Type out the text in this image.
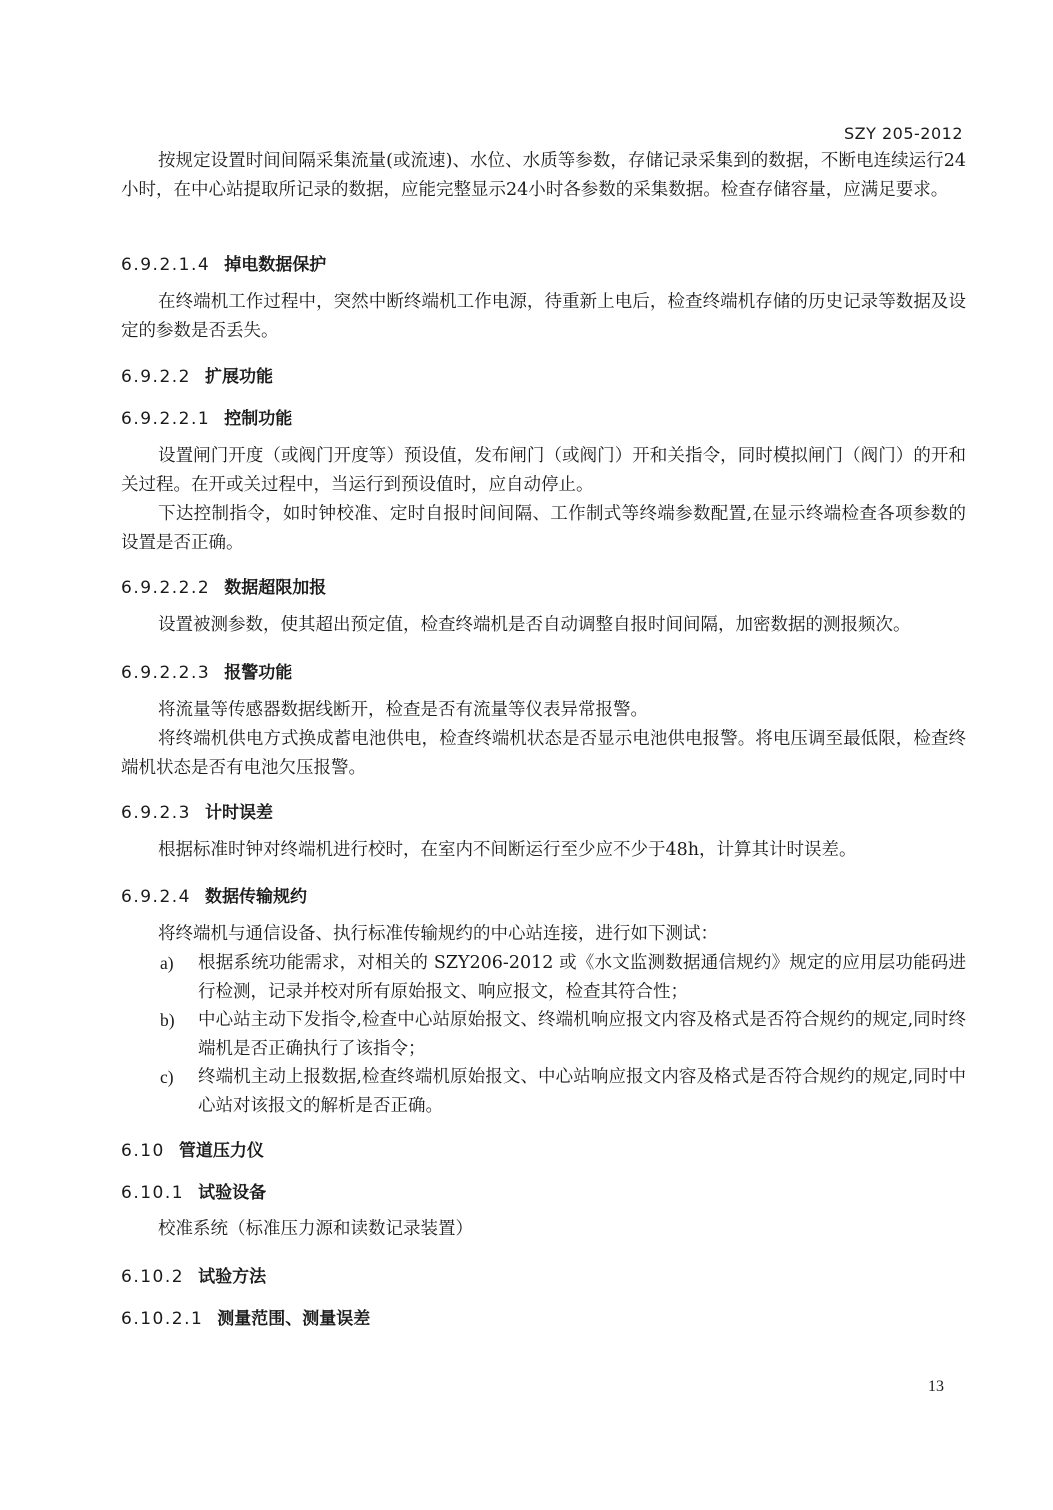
SZY 205-2012

按规定设置时间间隔采集流量(或流速)、水位、水质等参数，存储记录采集到的数据，不断电连续运行24小时，在中心站提取所记录的数据，应能完整显示24小时各参数的采集数据。检查存储容量，应满足要求。

6.9.2.1.4 掉电数据保护

在终端机工作过程中，突然中断终端机工作电源，待重新上电后，检查终端机存储的历史记录等数据及设定的参数是否丢失。

6.9.2.2 扩展功能
6.9.2.2.1 控制功能

设置闸门开度（或阀门开度等）预设值，发布闸门（或阀门）开和关指令，同时模拟闸门（阀门）的开和关过程。在开或关过程中，当运行到预设值时，应自动停止。

下达控制指令，如时钟校准、定时自报时间间隔、工作制式等终端参数配置,在显示终端检查各项参数的设置是否正确。

6.9.2.2.2 数据超限加报

设置被测参数，使其超出预定值，检查终端机是否自动调整自报时间间隔，加密数据的测报频次。

6.9.2.2.3 报警功能

将流量等传感器数据线断开，检查是否有流量等仪表异常报警。

将终端机供电方式换成蓄电池供电，检查终端机状态是否显示电池供电报警。将电压调至最低限，检查终端机状态是否有电池欠压报警。

6.9.2.3 计时误差

根据标准时钟对终端机进行校时，在室内不间断运行至少应不少于48h，计算其计时误差。

6.9.2.4 数据传输规约

将终端机与通信设备、执行标准传输规约的中心站连接，进行如下测试：

a) 根据系统功能需求，对相关的 SZY206-2012 或《水文监测数据通信规约》规定的应用层功能码进行检测，记录并校对所有原始报文、响应报文，检查其符合性；
b) 中心站主动下发指令,检查中心站原始报文、终端机响应报文内容及格式是否符合规约的规定,同时终端机是否正确执行了该指令；
c) 终端机主动上报数据,检查终端机原始报文、中心站响应报文内容及格式是否符合规约的规定,同时中心站对该报文的解析是否正确。
6.10 管道压力仪
6.10.1 试验设备

校准系统（标准压力源和读数记录装置）

6.10.2 试验方法
6.10.2.1 测量范围、测量误差
13
